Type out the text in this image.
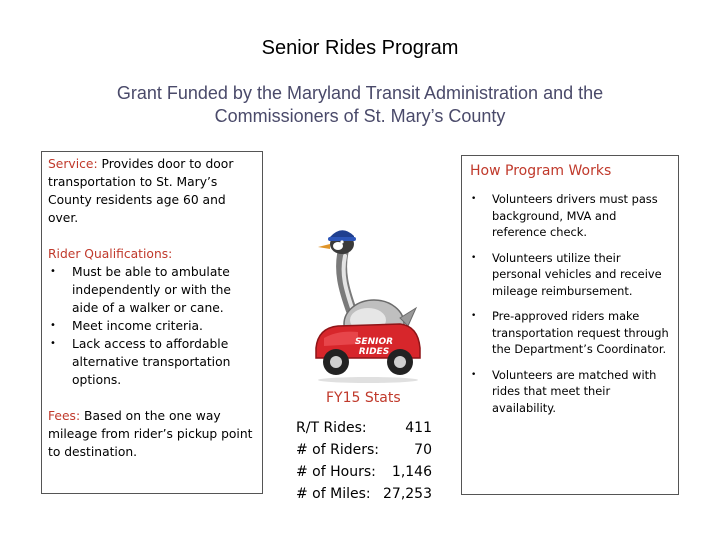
Senior Rides Program
Grant Funded by the Maryland Transit Administration and the
Commissioners of St. Mary’s County
Service: Provides door to door transportation to St. Mary’s County residents age 60 and over.
Rider Qualifications:
• Must be able to ambulate independently or with the aide of a walker or cane.
• Meet income criteria.
• Lack access to affordable alternative transportation options.
Fees: Based on the one way mileage from rider’s pickup point to destination.
SENIOR
RIDES
FY15 Stats
R/T Rides:	411
# of Riders:	70
# of Hours: 1,146
# of Miles: 27,253
How Program Works
• Volunteers drivers must pass background, MVA and reference check.
• Volunteers utilize their personal vehicles and receive mileage reimbursement.
• Pre-approved riders make transportation request through the Department’s Coordinator.
• Volunteers are matched with rides that meet their availability.
